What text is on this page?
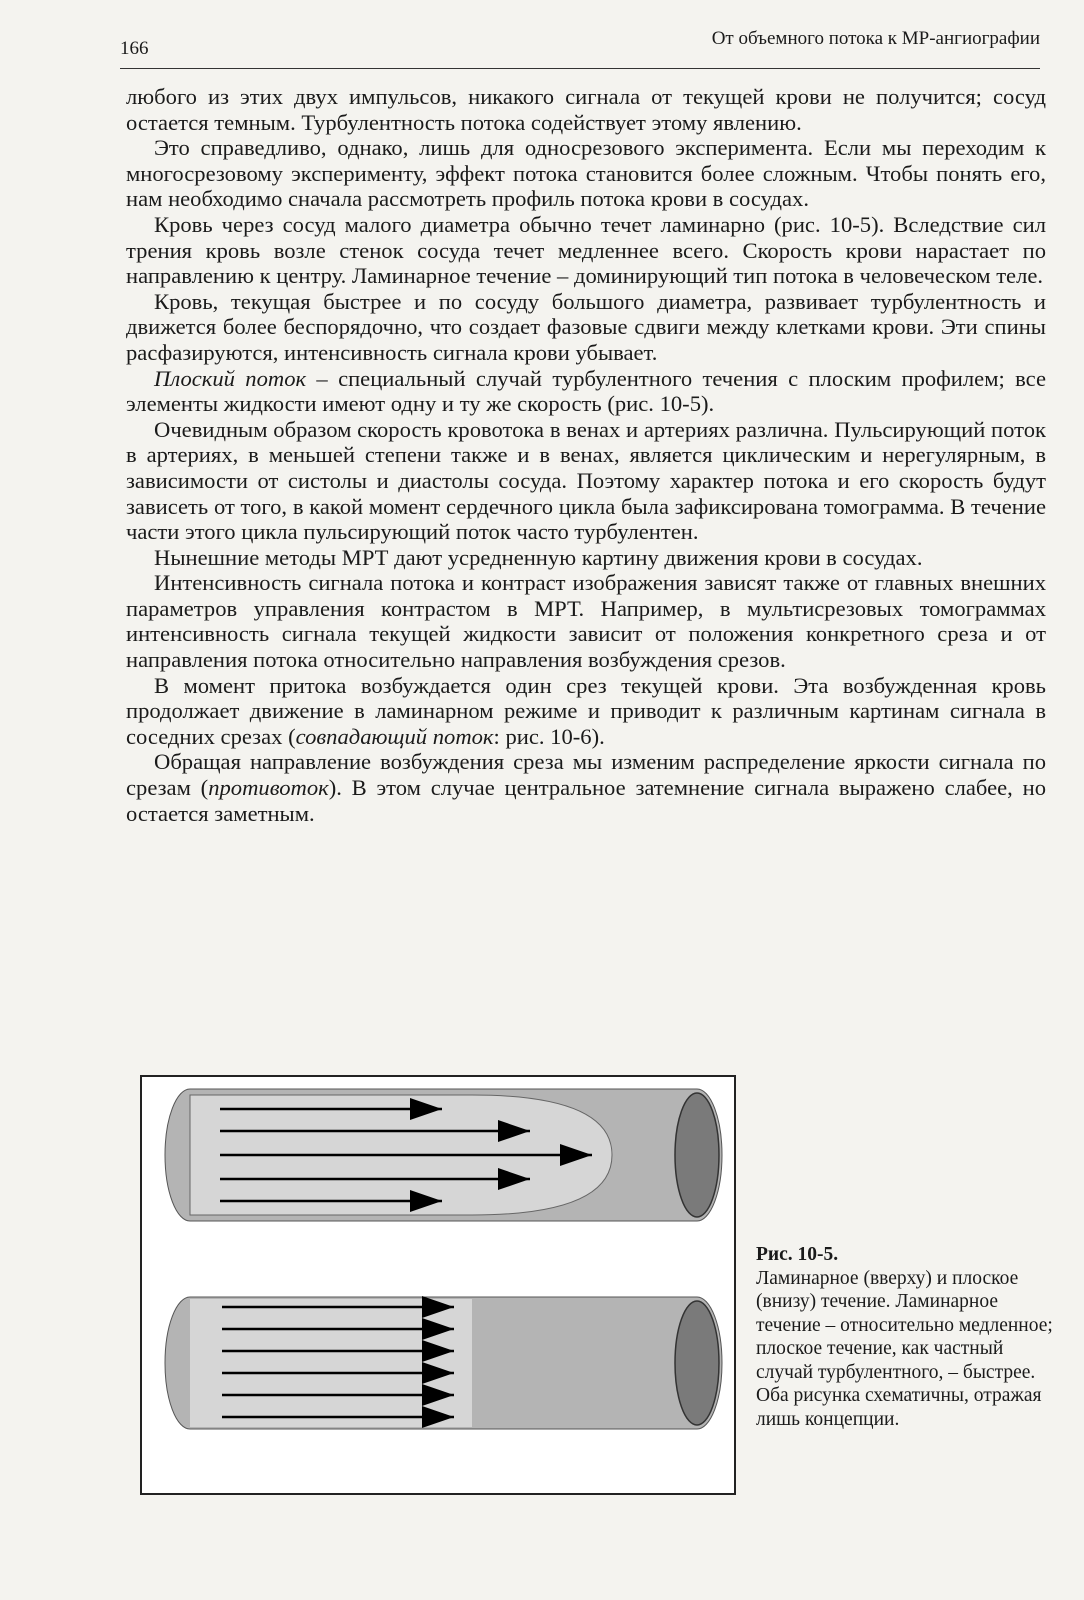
166	От объемного потока к МР-ангиографии

любого из этих двух импульсов, никакого сигнала от текущей крови не получится; сосуд остается темным. Турбулентность потока содействует этому явлению.

Это справедливо, однако, лишь для односрезового эксперимента. Если мы переходим к многосрезовому эксперименту, эффект потока становится более сложным. Чтобы понять его, нам необходимо сначала рассмотреть профиль потока крови в сосудах.

Кровь через сосуд малого диаметра обычно течет ламинарно (рис. 10-5). Вследствие сил трения кровь возле стенок сосуда течет медленнее всего. Скорость крови нарастает по направлению к центру. Ламинарное течение – доминирующий тип потока в человеческом теле.

Кровь, текущая быстрее и по сосуду большого диаметра, развивает турбулентность и движется более беспорядочно, что создает фазовые сдвиги между клетками крови. Эти спины расфазируются, интенсивность сигнала крови убывает.

Плоский поток – специальный случай турбулентного течения с плоским профилем; все элементы жидкости имеют одну и ту же скорость (рис. 10-5).

Очевидным образом скорость кровотока в венах и артериях различна. Пульсирующий поток в артериях, в меньшей степени также и в венах, является циклическим и нерегулярным, в зависимости от систолы и диастолы сосуда. Поэтому характер потока и его скорость будут зависеть от того, в какой момент сердечного цикла была зафиксирована томограмма. В течение части этого цикла пульсирующий поток часто турбулентен.

Нынешние методы МРТ дают усредненную картину движения крови в сосудах.

Интенсивность сигнала потока и контраст изображения зависят также от главных внешних параметров управления контрастом в МРТ. Например, в мультисрезовых томограммах интенсивность сигнала текущей жидкости зависит от положения конкретного среза и от направления потока относительно направления возбуждения срезов.

В момент притока возбуждается один срез текущей крови. Эта возбужденная кровь продолжает движение в ламинарном режиме и приводит к различным картинам сигнала в соседних срезах (совпадающий поток: рис. 10-6).

Обращая направление возбуждения среза мы изменим распределение яркости сигнала по срезам (противоток). В этом случае центральное затемнение сигнала выражено слабее, но остается заметным.

Рис. 10-5.
Ламинарное (вверху) и плоское (внизу) течение. Ламинарное течение – относительно медленное; плоское течение, как частный случай турбулентного, – быстрее. Оба рисунка схематичны, отражая лишь концепции.
